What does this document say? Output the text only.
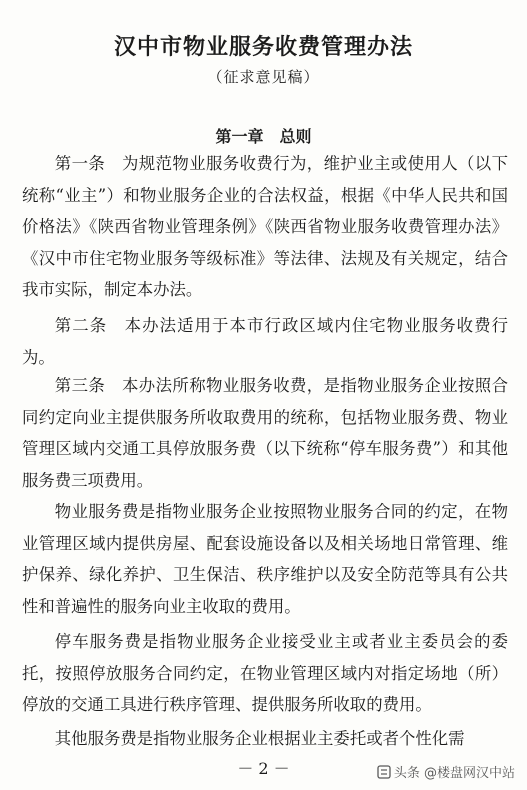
汉中市物业服务收费管理办法
（征求意见稿）
第一章　总则

第一条　为规范物业服务收费行为，维护业主或使用人（以下统称“业主”）和物业服务企业的合法权益，根据《中华人民共和国价格法》《陕西省物业管理条例》《陕西省物业服务收费管理办法》《汉中市住宅物业服务等级标准》等法律、法规及有关规定，结合我市实际，制定本办法。

第二条　本办法适用于本市行政区域内住宅物业服务收费行为。

第三条　本办法所称物业服务收费，是指物业服务企业按照合同约定向业主提供服务所收取费用的统称，包括物业服务费、物业管理区域内交通工具停放服务费（以下统称“停车服务费”）和其他服务费三项费用。

物业服务费是指物业服务企业按照物业服务合同的约定，在物业管理区域内提供房屋、配套设施设备以及相关场地日常管理、维护保养、绿化养护、卫生保洁、秩序维护以及安全防范等具有公共性和普遍性的服务向业主收取的费用。

停车服务费是指物业服务企业接受业主或者业主委员会的委托，按照停放服务合同约定，在物业管理区域内对指定场地（所）停放的交通工具进行秩序管理、提供服务所收取的费用。

其他服务费是指物业服务企业根据业主委托或者个性化需

－ 2 －	头条 @楼盘网汉中站
